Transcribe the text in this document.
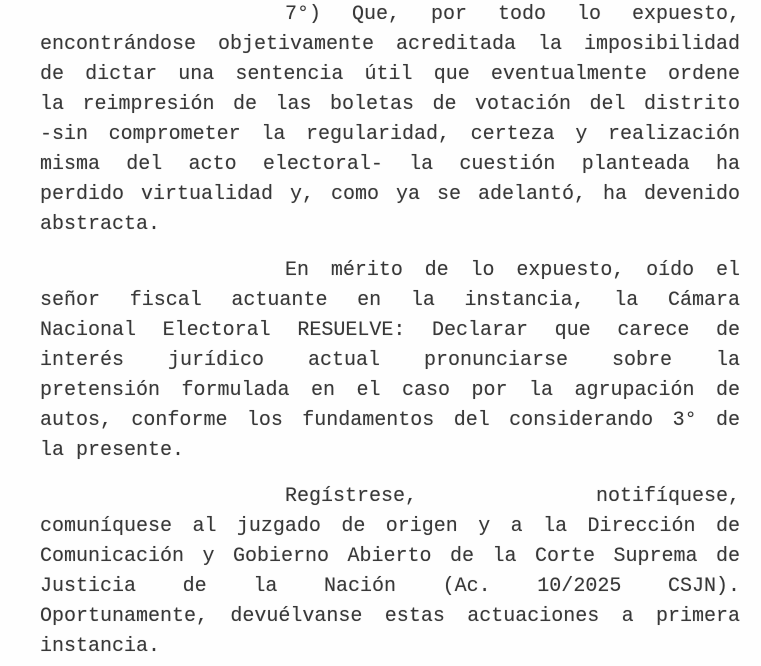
7°) Que, por todo lo expuesto,
encontrándose objetivamente acreditada la imposibilidad
de dictar una sentencia útil que eventualmente ordene
la reimpresión de las boletas de votación del distrito
-sin comprometer la regularidad, certeza y realización
misma del acto electoral- la cuestión planteada ha
perdido virtualidad y, como ya se adelantó, ha devenido
abstracta.
En mérito de lo expuesto, oído el
señor fiscal actuante en la instancia, la Cámara
Nacional Electoral RESUELVE: Declarar que carece de
interés jurídico actual pronunciarse sobre la
pretensión formulada en el caso por la agrupación de
autos, conforme los fundamentos del considerando 3° de
la presente.
Regístrese, notifíquese,
comuníquese al juzgado de origen y a la Dirección de
Comunicación y Gobierno Abierto de la Corte Suprema de
Justicia de la Nación (Ac. 10/2025 CSJN).
Oportunamente, devuélvanse estas actuaciones a primera
instancia.
